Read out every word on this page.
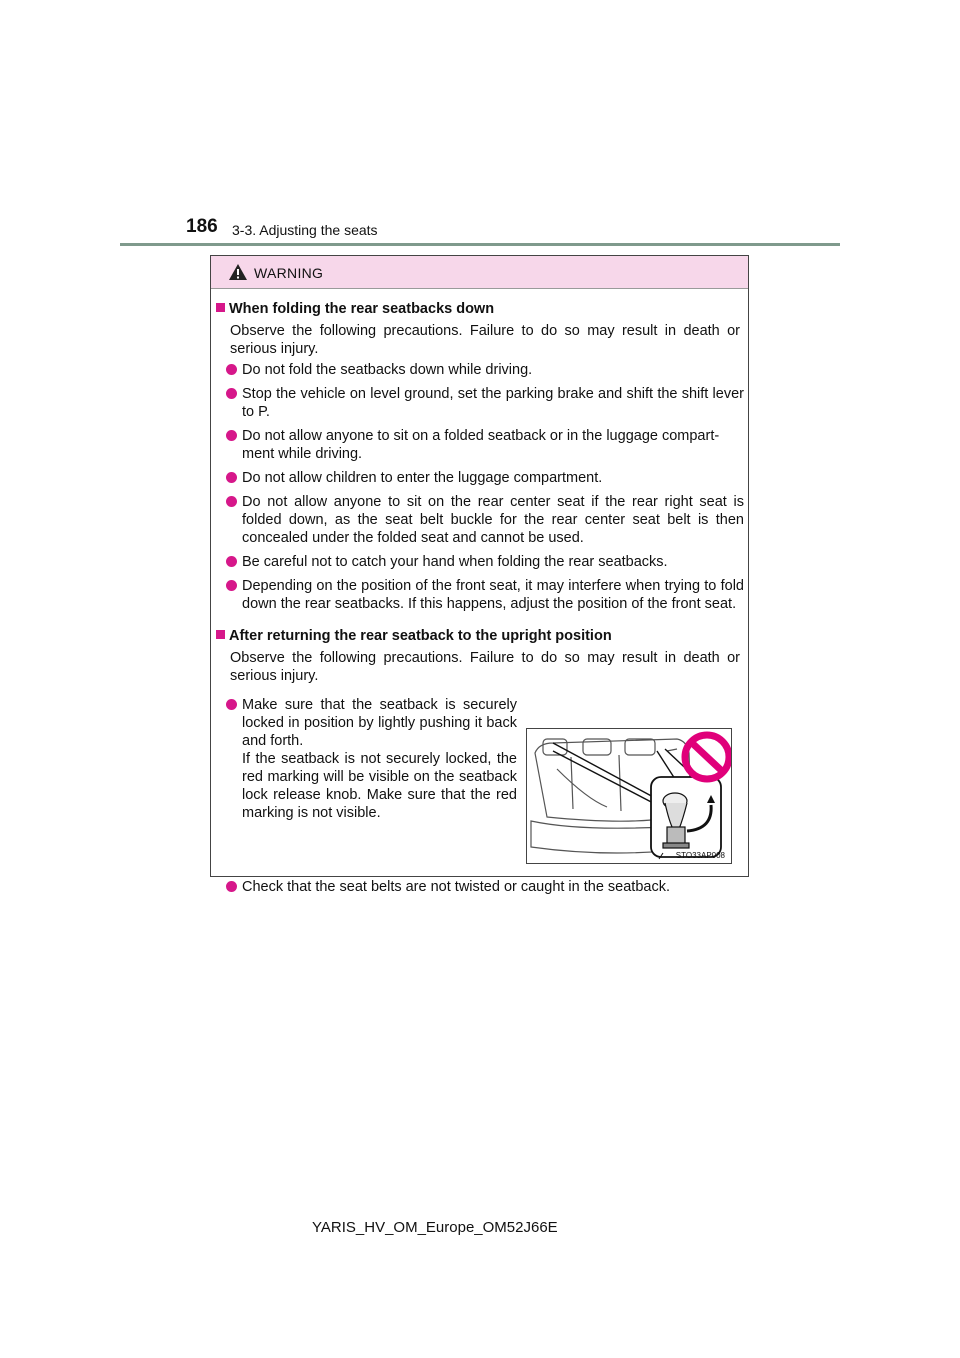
186 3-3. Adjusting the seats
WARNING
When folding the rear seatbacks down
Observe the following precautions. Failure to do so may result in death or serious injury.
Do not fold the seatbacks down while driving.
Stop the vehicle on level ground, set the parking brake and shift the shift lever to P.
Do not allow anyone to sit on a folded seatback or in the luggage compart-
ment while driving.
Do not allow children to enter the luggage compartment.
Do not allow anyone to sit on the rear center seat if the rear right seat is folded down, as the seat belt buckle for the rear center seat belt is then concealed under the folded seat and cannot be used.
Be careful not to catch your hand when folding the rear seatbacks.
Depending on the position of the front seat, it may interfere when trying to fold down the rear seatbacks. If this happens, adjust the position of the front seat.
After returning the rear seatback to the upright position
Observe the following precautions. Failure to do so may result in death or serious injury.
Make sure that the seatback is securely locked in position by lightly pushing it back and forth.
If the seatback is not securely locked, the red marking will be visible on the seatback lock release knob. Make sure that the red marking is not visible.
STO33AP008
Check that the seat belts are not twisted or caught in the seatback.
YARIS_HV_OM_Europe_OM52J66E
